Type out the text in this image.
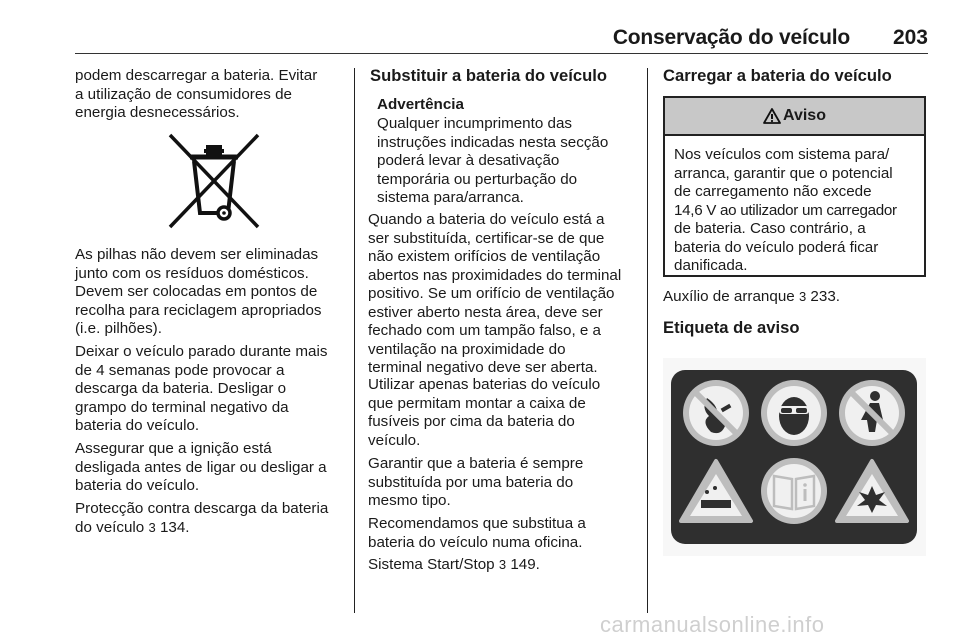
Conservação do veículo	203
podem descarregar a bateria. Evitar
a utilização de consumidores de
energia desnecessários.
As pilhas não devem ser eliminadas
junto com os resíduos domésticos.
Devem ser colocadas em pontos de
recolha para reciclagem apropriados
(i.e. pilhões).
Deixar o veículo parado durante mais
de 4 semanas pode provocar a
descarga da bateria. Desligar o
grampo do terminal negativo da
bateria do veículo.
Assegurar que a ignição está
desligada antes de ligar ou desligar a
bateria do veículo.
Protecção contra descarga da bateria
do veículo 3 134.
Substituir a bateria do veículo
Advertência
Qualquer incumprimento das
instruções indicadas nesta secção
poderá levar à desativação
temporária ou perturbação do
sistema para/arranca.
Quando a bateria do veículo está a
ser substituída, certificar-se de que
não existem orifícios de ventilação
abertos nas proximidades do terminal
positivo. Se um orifício de ventilação
estiver aberto nesta área, deve ser
fechado com um tampão falso, e a
ventilação na proximidade do
terminal negativo deve ser aberta.
Utilizar apenas baterias do veículo
que permitam montar a caixa de
fusíveis por cima da bateria do
veículo.
Garantir que a bateria é sempre
substituída por uma bateria do
mesmo tipo.
Recomendamos que substitua a
bateria do veículo numa oficina.
Sistema Start/Stop 3 149.
Carregar a bateria do veículo
Aviso
Nos veículos com sistema para/
arranca, garantir que o potencial
de carregamento não excede
14,6 V ao utilizador um carregador
de bateria. Caso contrário, a
bateria do veículo poderá ficar
danificada.
Auxílio de arranque 3 233.
Etiqueta de aviso
carmanualsonline.info
